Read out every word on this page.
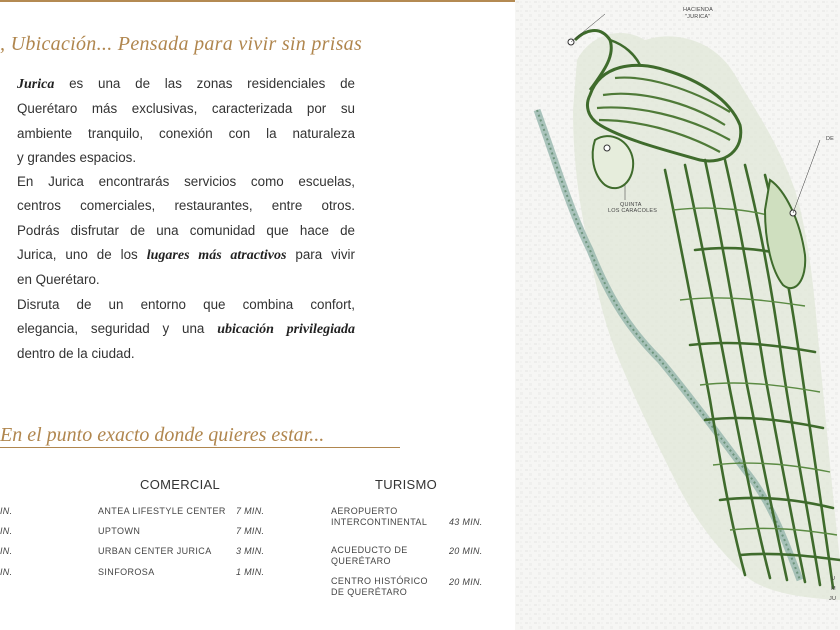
, Ubicación... Pensada para vivir sin prisas
Jurica es una de las zonas residenciales de
Querétaro más exclusivas, caracterizada por su
ambiente tranquilo, conexión con la naturaleza
y grandes espacios.
En Jurica encontrarás servicios como escuelas,
centros comerciales, restaurantes, entre otros.
Podrás disfrutar de una comunidad que hace de
Jurica, uno de los lugares más atractivos para vivir
en Querétaro.
Disruta de un entorno que combina confort,
elegancia, seguridad y una ubicación privilegiada
dentro de la ciudad.
En el punto exacto donde quieres estar...
IN.
IN.
IN.
IN.
COMERCIAL
ANTEA LIFESTYLE CENTER 7 MIN.
UPTOWN	7 MIN.
URBAN CENTER JURICA	3 MIN.
SINFOROSA	1 MIN.
TURISMO
AEROPUERTO
INTERCONTINENTAL 43 MIN.
ACUEDUCTO DE
QUERÉTARO
20 MIN.
CENTRO HISTÓRICO
DE QUERÉTARO
20 MIN.
HACIENDA
"JURICA"
QUINTA
LOS CARACOLES
DE
U
M
JU
